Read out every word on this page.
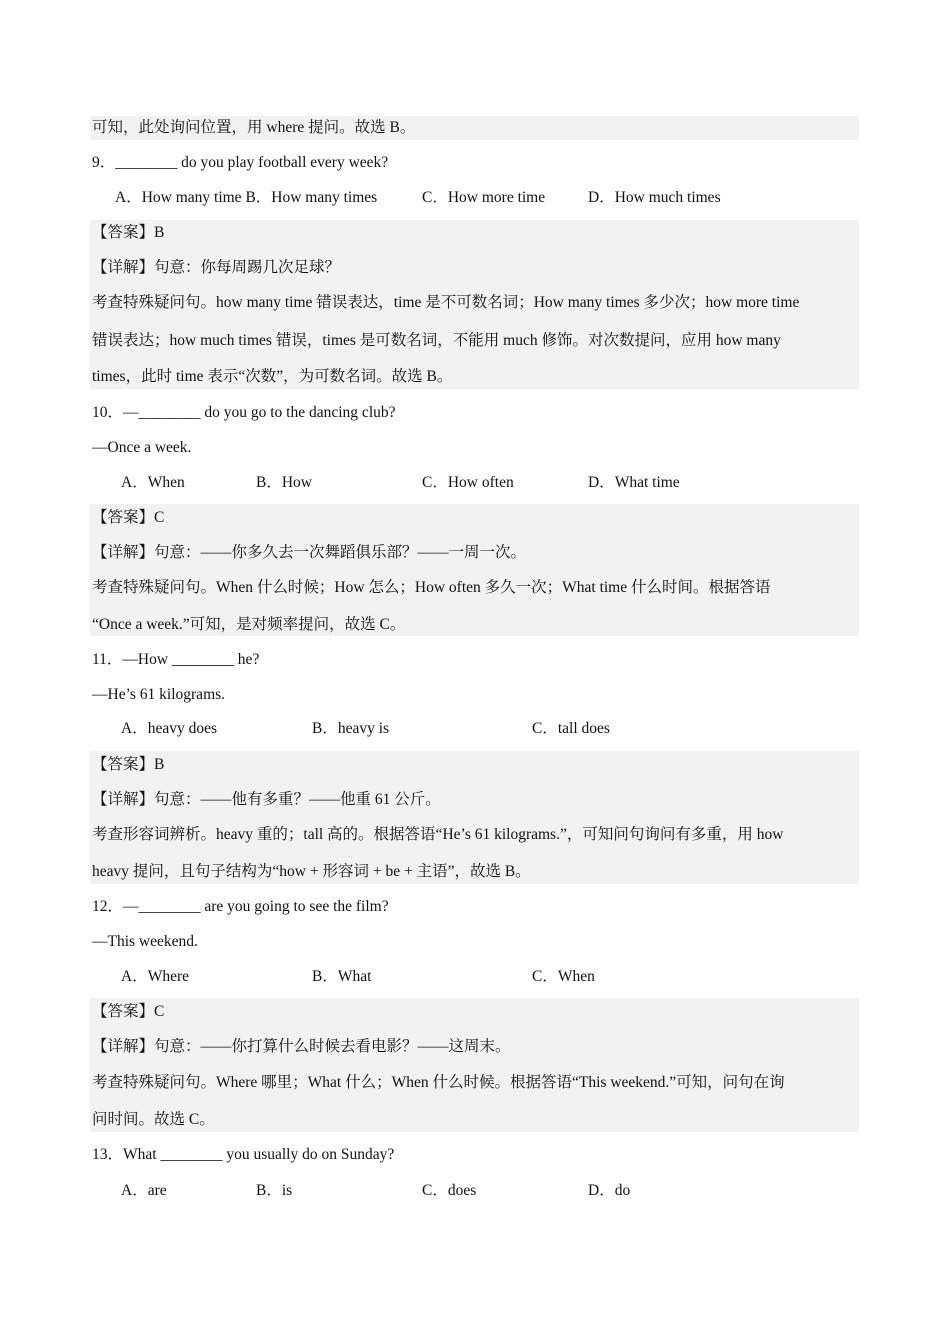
可知，此处询问位置，用 where 提问。故选 B。
9．________ do you play football every week?
A．How many time B．How many times	C．How more time	D．How much times
【答案】B
【详解】句意：你每周踢几次足球？
考查特殊疑问句。how many time 错误表达，time 是不可数名词；How many times 多少次；how more time
错误表达；how much times 错误，times 是可数名词，不能用 much 修饰。对次数提问，应用 how many
times，此时 time 表示“次数”，为可数名词。故选 B。
10．—________ do you go to the dancing club?
—Once a week.
A．When	B．How	C．How often	D．What time
【答案】C
【详解】句意：——你多久去一次舞蹈俱乐部？——一周一次。
考查特殊疑问句。When 什么时候；How 怎么；How often 多久一次；What time 什么时间。根据答语
“Once a week.”可知，是对频率提问，故选 C。
11．—How ________ he?
—He’s 61 kilograms.
A．heavy does	B．heavy is	C．tall does
【答案】B
【详解】句意：——他有多重？——他重 61 公斤。
考查形容词辨析。heavy 重的；tall 高的。根据答语“He’s 61 kilograms.”，可知问句询问有多重，用 how
heavy 提问，且句子结构为“how + 形容词 + be + 主语”，故选 B。
12．—________ are you going to see the film?
—This weekend.
A．Where	B．What	C．When
【答案】C
【详解】句意：——你打算什么时候去看电影？——这周末。
考查特殊疑问句。Where 哪里；What 什么；When 什么时候。根据答语“This weekend.”可知，问句在询
问时间。故选 C。
13．What ________ you usually do on Sunday?
A．are	B．is	C．does	D．do
